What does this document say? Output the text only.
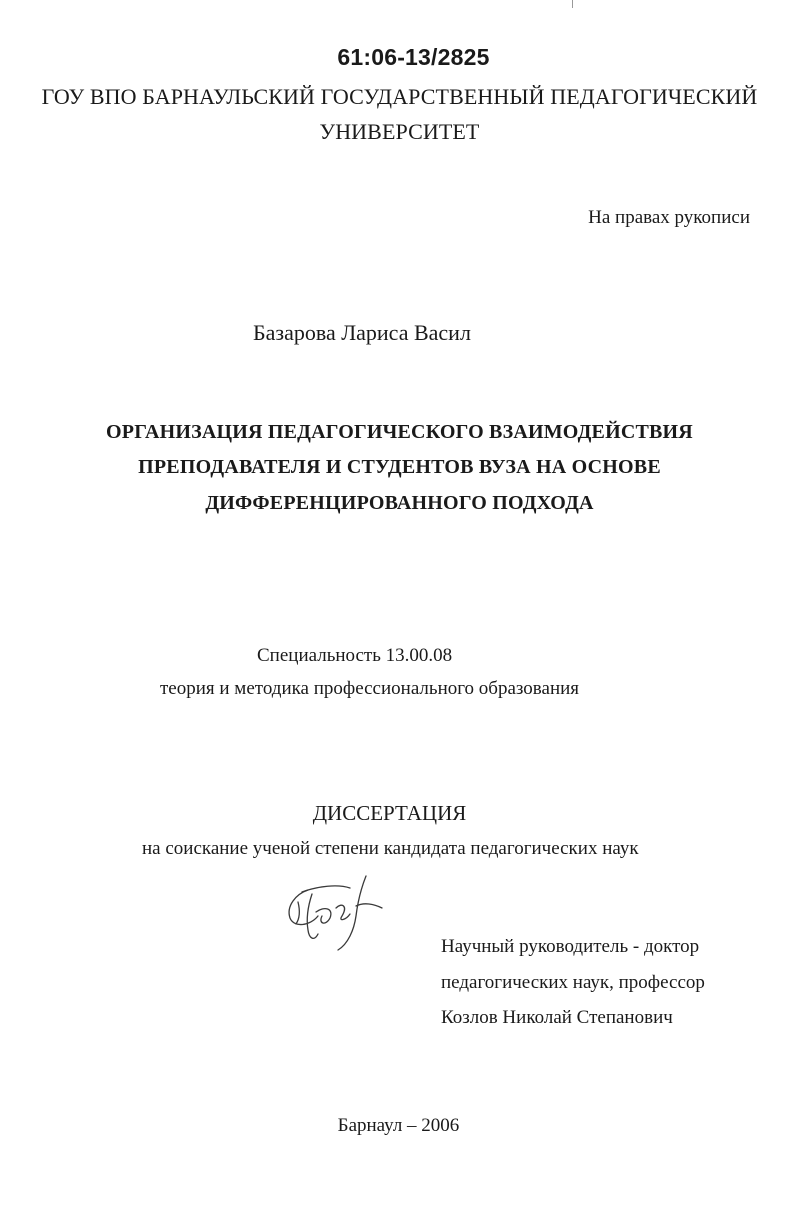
61:06-13/2825
ГОУ ВПО БАРНАУЛЬСКИЙ ГОСУДАРСТВЕННЫЙ ПЕДАГОГИЧЕСКИЙ
УНИВЕРСИТЕТ
На правах рукописи
Базарова Лариса Васил
ОРГАНИЗАЦИЯ ПЕДАГОГИЧЕСКОГО ВЗАИМОДЕЙСТВИЯ
ПРЕПОДАВАТЕЛЯ И СТУДЕНТОВ ВУЗА НА ОСНОВЕ
ДИФФЕРЕНЦИРОВАННОГО ПОДХОДА
Специальность 13.00.08
теория и методика профессионального образования
ДИССЕРТАЦИЯ
на соискание ученой степени кандидата педагогических наук
Научный руководитель - доктор
педагогических наук, профессор
Козлов Николай Степанович
Барнаул – 2006
